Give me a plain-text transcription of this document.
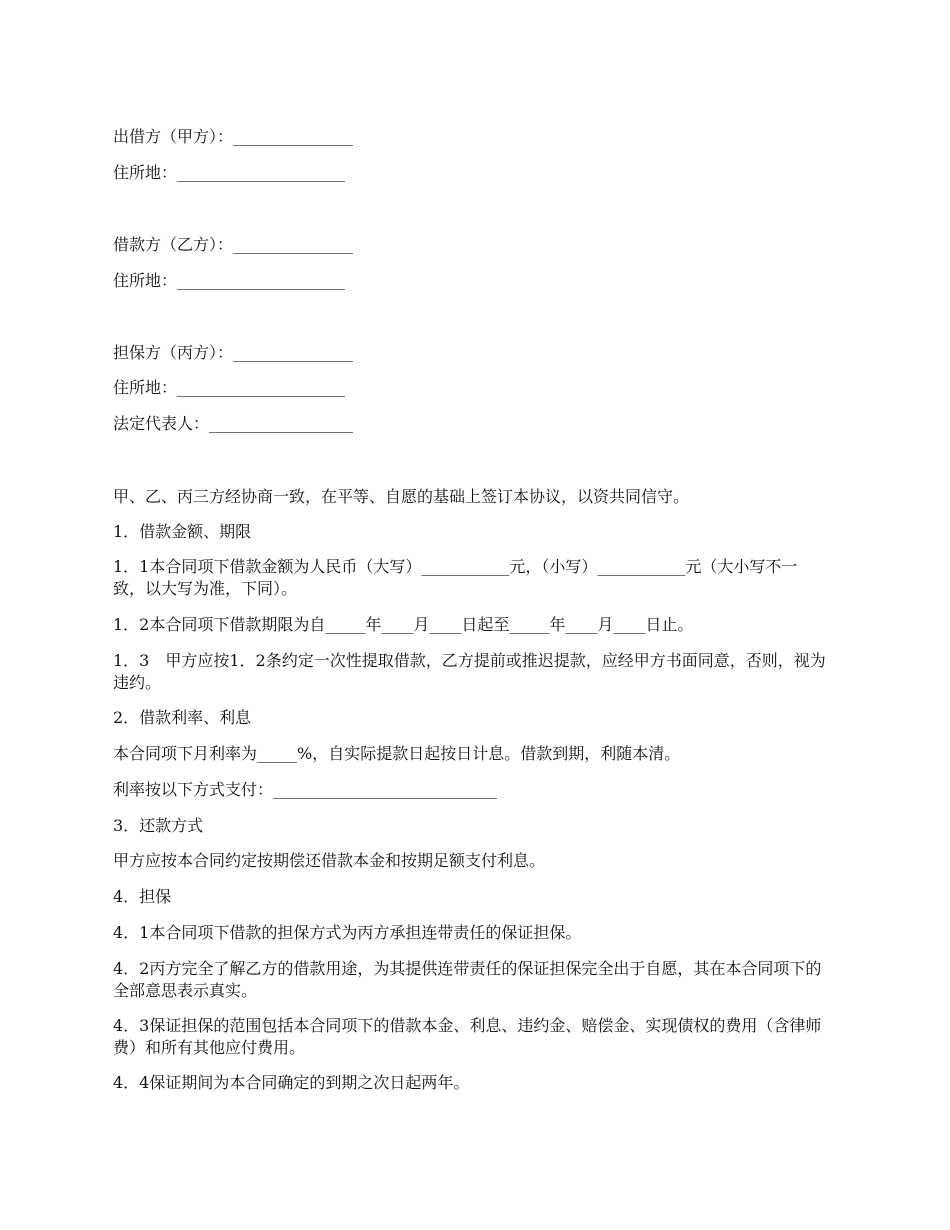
出借方（甲方）：_______________
住所地：_____________________
借款方（乙方）：_______________
住所地：_____________________
担保方（丙方）：_______________
住所地：_____________________
法定代表人：__________________
甲、乙、丙三方经协商一致，在平等、自愿的基础上签订本协议，以资共同信守。
1．借款金额、期限
1．1本合同项下借款金额为人民币（大写）___________元，（小写）___________元（大小写不一致，以大写为准，下同）。
1．2本合同项下借款期限为自_____年____月____日起至_____年____月____日止。
1．3　甲方应按1．2条约定一次性提取借款，乙方提前或推迟提款，应经甲方书面同意，否则，视为违约。
2．借款利率、利息
本合同项下月利率为_____%，自实际提款日起按日计息。借款到期，利随本清。
利率按以下方式支付：____________________________
3．还款方式
甲方应按本合同约定按期偿还借款本金和按期足额支付利息。
4．担保
4．1本合同项下借款的担保方式为丙方承担连带责任的保证担保。
4．2丙方完全了解乙方的借款用途，为其提供连带责任的保证担保完全出于自愿，其在本合同项下的全部意思表示真实。
4．3保证担保的范围包括本合同项下的借款本金、利息、违约金、赔偿金、实现债权的费用（含律师费）和所有其他应付费用。
4．4保证期间为本合同确定的到期之次日起两年。
